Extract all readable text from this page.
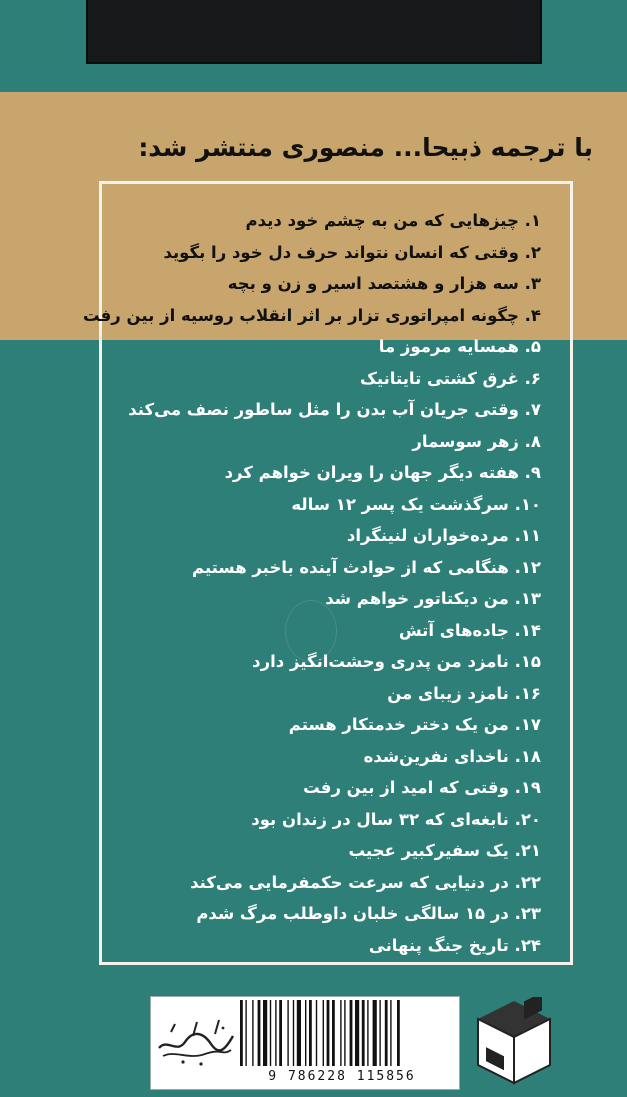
با ترجمه ذبیحا... منصوری منتشر شد:
۱. چیزهایی که من به چشم خود دیدم
۲. وقتی که انسان نتواند حرف دل خود را بگوید
۳. سه هزار و هشتصد اسیر و زن و بچه
۴. چگونه امپراتوری تزار بر اثر انقلاب روسیه از بین رفت
۵. همسایه مرموز ما
۶. غرق کشتی تایتانیک
۷. وقتی جریان آب بدن را مثل ساطور نصف می‌کند
۸. زهر سوسمار
۹. هفته دیگر جهان را ویران خواهم کرد
۱۰. سرگذشت یک پسر ۱۲ ساله
۱۱. مرده‌خواران لنینگراد
۱۲. هنگامی که از حوادث آینده باخبر هستیم
۱۳. من دیکتاتور خواهم شد
۱۴. جاده‌های آتش
۱۵. نامزد من پدری وحشت‌انگیز دارد
۱۶. نامزد زیبای من
۱۷. من یک دختر خدمتکار هستم
۱۸. ناخدای نفرین‌شده
۱۹. وقتی که امید از بین رفت
۲۰. نابغه‌ای که ۳۲ سال در زندان بود
۲۱. یک سفیرکبیر عجیب
۲۲. در دنیایی که سرعت حکمفرمایی می‌کند
۲۳. در ۱۵ سالگی خلبان داوطلب مرگ شدم
۲۴. تاریخ جنگ پنهانی
9 786228 115856
